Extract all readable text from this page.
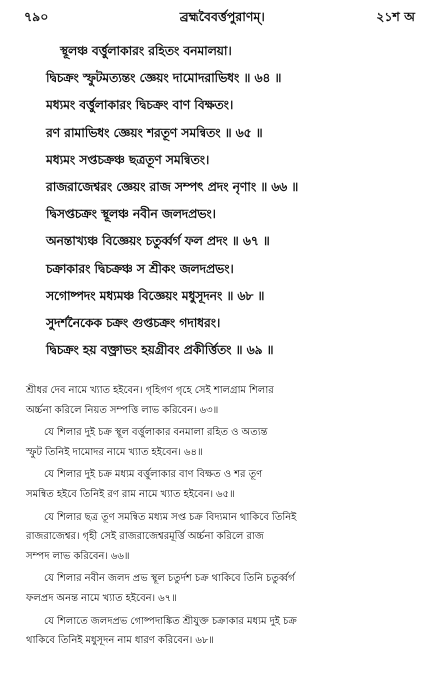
৭৯০	ব্রহ্মবৈবর্ত্তপুরাণম্।	২১শ অ
স্থূলঞ্চ বর্ত্তুলাকারং রহিতং বনমালয়া।
দ্বিচক্রং স্ফুটমত্যন্তং জ্ঞেয়ং দামোদরাভিধং ॥ ৬৪ ॥
মধ্যমং বর্ত্তুলাকারং দ্বিচক্রং বাণ বিক্ষতং।
রণ রামাভিধং জ্ঞেয়ং শরতূণ সমন্বিতং ॥ ৬৫ ॥
মধ্যমং সপ্তচক্রঞ্চ ছত্রতূণ সমন্বিতং।
রাজরাজেশ্বরং জ্ঞেয়ং রাজ সম্পৎ প্রদং নৃণাং ॥ ৬৬ ॥
দ্বিসপ্তচক্রং স্থূলঞ্চ নবীন জলদপ্রভং।
অনন্তাখ্যঞ্চ বিজ্ঞেয়ং চতুর্ব্বর্গ ফল প্রদং ॥ ৬৭ ॥
চক্রাকারং দ্বিচক্রঞ্চ স শ্রীকং জলদপ্রভং।
সগোষ্পদং মধ্যমঞ্চ বিজ্ঞেয়ং মধুসূদনং ॥ ৬৮ ॥
সুদর্শনৈকেক চক্রং গুপ্তচক্রং গদাধরং।
দ্বিচক্রং হয় বক্ত্রাভং হয়গ্রীবং প্রকীর্ত্তিতং ॥ ৬৯ ॥
শ্রীধর দেব নামে খ্যাত হইবেন। গৃহিগণ গৃহে সেই শালগ্রাম শিলার
অর্চ্চনা করিলে নিয়ত সম্পত্তি লাভ করিবেন। ৬৩॥
যে শিলার দুই চক্র স্থূল বর্ত্তুলাকার বনমালা রহিত ও অত্যন্ত
স্ফুট তিনিই দামোদর নামে খ্যাত হইবেন। ৬৪॥
যে শিলার দুই চক্র মধ্যম বর্ত্তুলাকার বাণ বিক্ষত ও শর তূণ
সমন্বিত হইবে তিনিই রণ রাম নামে খ্যাত হইবেন। ৬৫॥
যে শিলার ছত্র তূণ সমন্বিত মধ্যম সপ্ত চক্র বিদ্যমান থাকিবে তিনিই
রাজরাজেশ্বর। গৃহী সেই রাজরাজেশ্বরমূর্ত্তি অর্চ্চনা করিলে রাজ
সম্পদ লাভ করিবেন। ৬৬॥
যে শিলার নবীন জলদ প্রভ স্থূল চতুর্দশ চক্র থাকিবে তিনি চতুর্ব্বর্গ
ফলপ্রদ অনন্ত নামে খ্যাত হইবেন। ৬৭॥
যে শিলাতে জলদপ্রভ গোষ্পদাঙ্কিত শ্রীযুক্ত চক্রাকার মধ্যম দুই চক্র
থাকিবে তিনিই মধুসূদন নাম ধারণ করিবেন। ৬৮॥
